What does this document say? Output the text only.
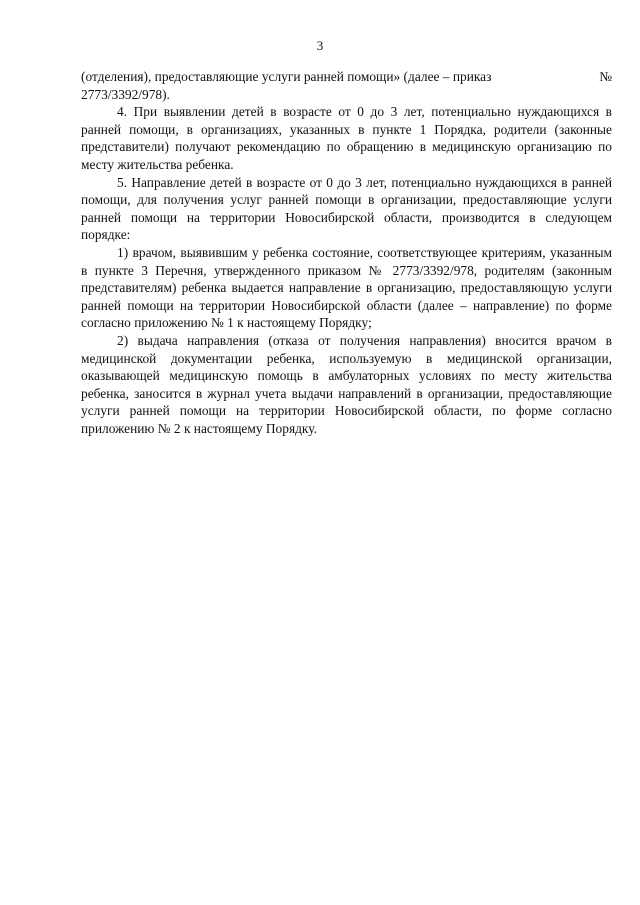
3
(отделения), предоставляющие услуги ранней помощи» (далее – приказ	№

2773/3392/978).

4. При выявлении детей в возрасте от 0 до 3 лет, потенциально нуждающихся в ранней помощи, в организациях, указанных в пункте 1 Порядка, родители (законные представители) получают рекомендацию по обращению в медицинскую организацию по месту жительства ребенка.

5. Направление детей в возрасте от 0 до 3 лет, потенциально нуждающихся в ранней помощи, для получения услуг ранней помощи в организации, предоставляющие услуги ранней помощи на территории Новосибирской области, производится в следующем порядке:

1) врачом, выявившим у ребенка состояние, соответствующее критериям, указанным в пункте 3 Перечня, утвержденного приказом № 2773/3392/978, родителям (законным представителям) ребенка выдается направление в организацию, предоставляющую услуги ранней помощи на территории Новосибирской области (далее – направление) по форме согласно приложению № 1 к настоящему Порядку;

2) выдача направления (отказа от получения направления) вносится врачом в медицинской документации ребенка, используемую в медицинской организации, оказывающей медицинскую помощь в амбулаторных условиях по месту жительства ребенка, заносится в журнал учета выдачи направлений в организации, предоставляющие услуги ранней помощи на территории Новосибирской области, по форме согласно приложению № 2 к настоящему Порядку.
